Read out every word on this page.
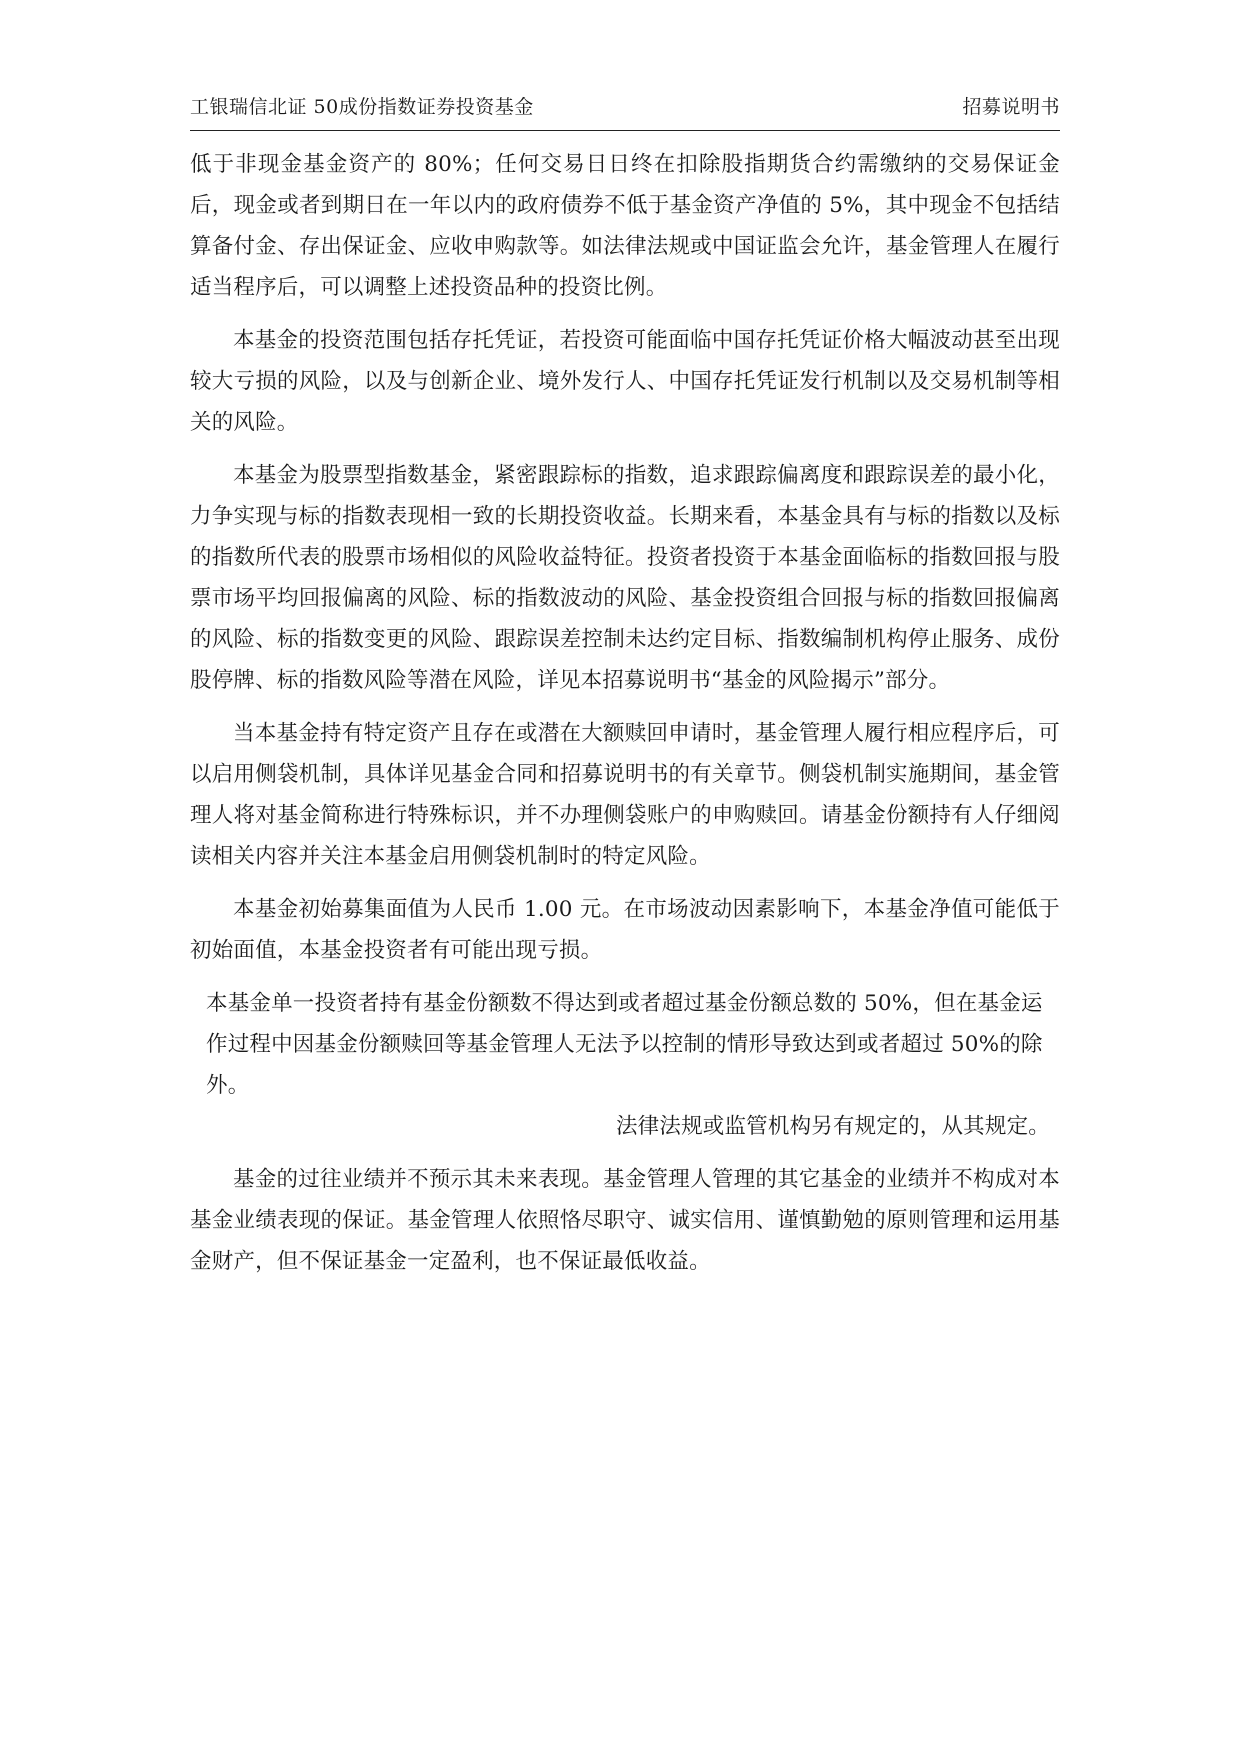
工银瑞信北证 50成份指数证券投资基金	招募说明书

低于非现金基金资产的 80%；任何交易日日终在扣除股指期货合约需缴纳的交易保证金后，现金或者到期日在一年以内的政府债券不低于基金资产净值的 5%，其中现金不包括结算备付金、存出保证金、应收申购款等。如法律法规或中国证监会允许，基金管理人在履行适当程序后，可以调整上述投资品种的投资比例。

本基金的投资范围包括存托凭证，若投资可能面临中国存托凭证价格大幅波动甚至出现较大亏损的风险，以及与创新企业、境外发行人、中国存托凭证发行机制以及交易机制等相关的风险。

本基金为股票型指数基金，紧密跟踪标的指数，追求跟踪偏离度和跟踪误差的最小化，力争实现与标的指数表现相一致的长期投资收益。长期来看，本基金具有与标的指数以及标的指数所代表的股票市场相似的风险收益特征。投资者投资于本基金面临标的指数回报与股票市场平均回报偏离的风险、标的指数波动的风险、基金投资组合回报与标的指数回报偏离的风险、标的指数变更的风险、跟踪误差控制未达约定目标、指数编制机构停止服务、成份股停牌、标的指数风险等潜在风险，详见本招募说明书“基金的风险揭示”部分。

当本基金持有特定资产且存在或潜在大额赎回申请时，基金管理人履行相应程序后，可以启用侧袋机制，具体详见基金合同和招募说明书的有关章节。侧袋机制实施期间，基金管理人将对基金简称进行特殊标识，并不办理侧袋账户的申购赎回。请基金份额持有人仔细阅读相关内容并关注本基金启用侧袋机制时的特定风险。

本基金初始募集面值为人民币 1.00 元。在市场波动因素影响下，本基金净值可能低于初始面值，本基金投资者有可能出现亏损。

本基金单一投资者持有基金份额数不得达到或者超过基金份额总数的 50%，但在基金运作过程中因基金份额赎回等基金管理人无法予以控制的情形导致达到或者超过 50%的除外。

法律法规或监管机构另有规定的，从其规定。

基金的过往业绩并不预示其未来表现。基金管理人管理的其它基金的业绩并不构成对本基金业绩表现的保证。基金管理人依照恪尽职守、诚实信用、谨慎勤勉的原则管理和运用基金财产，但不保证基金一定盈利，也不保证最低收益。
